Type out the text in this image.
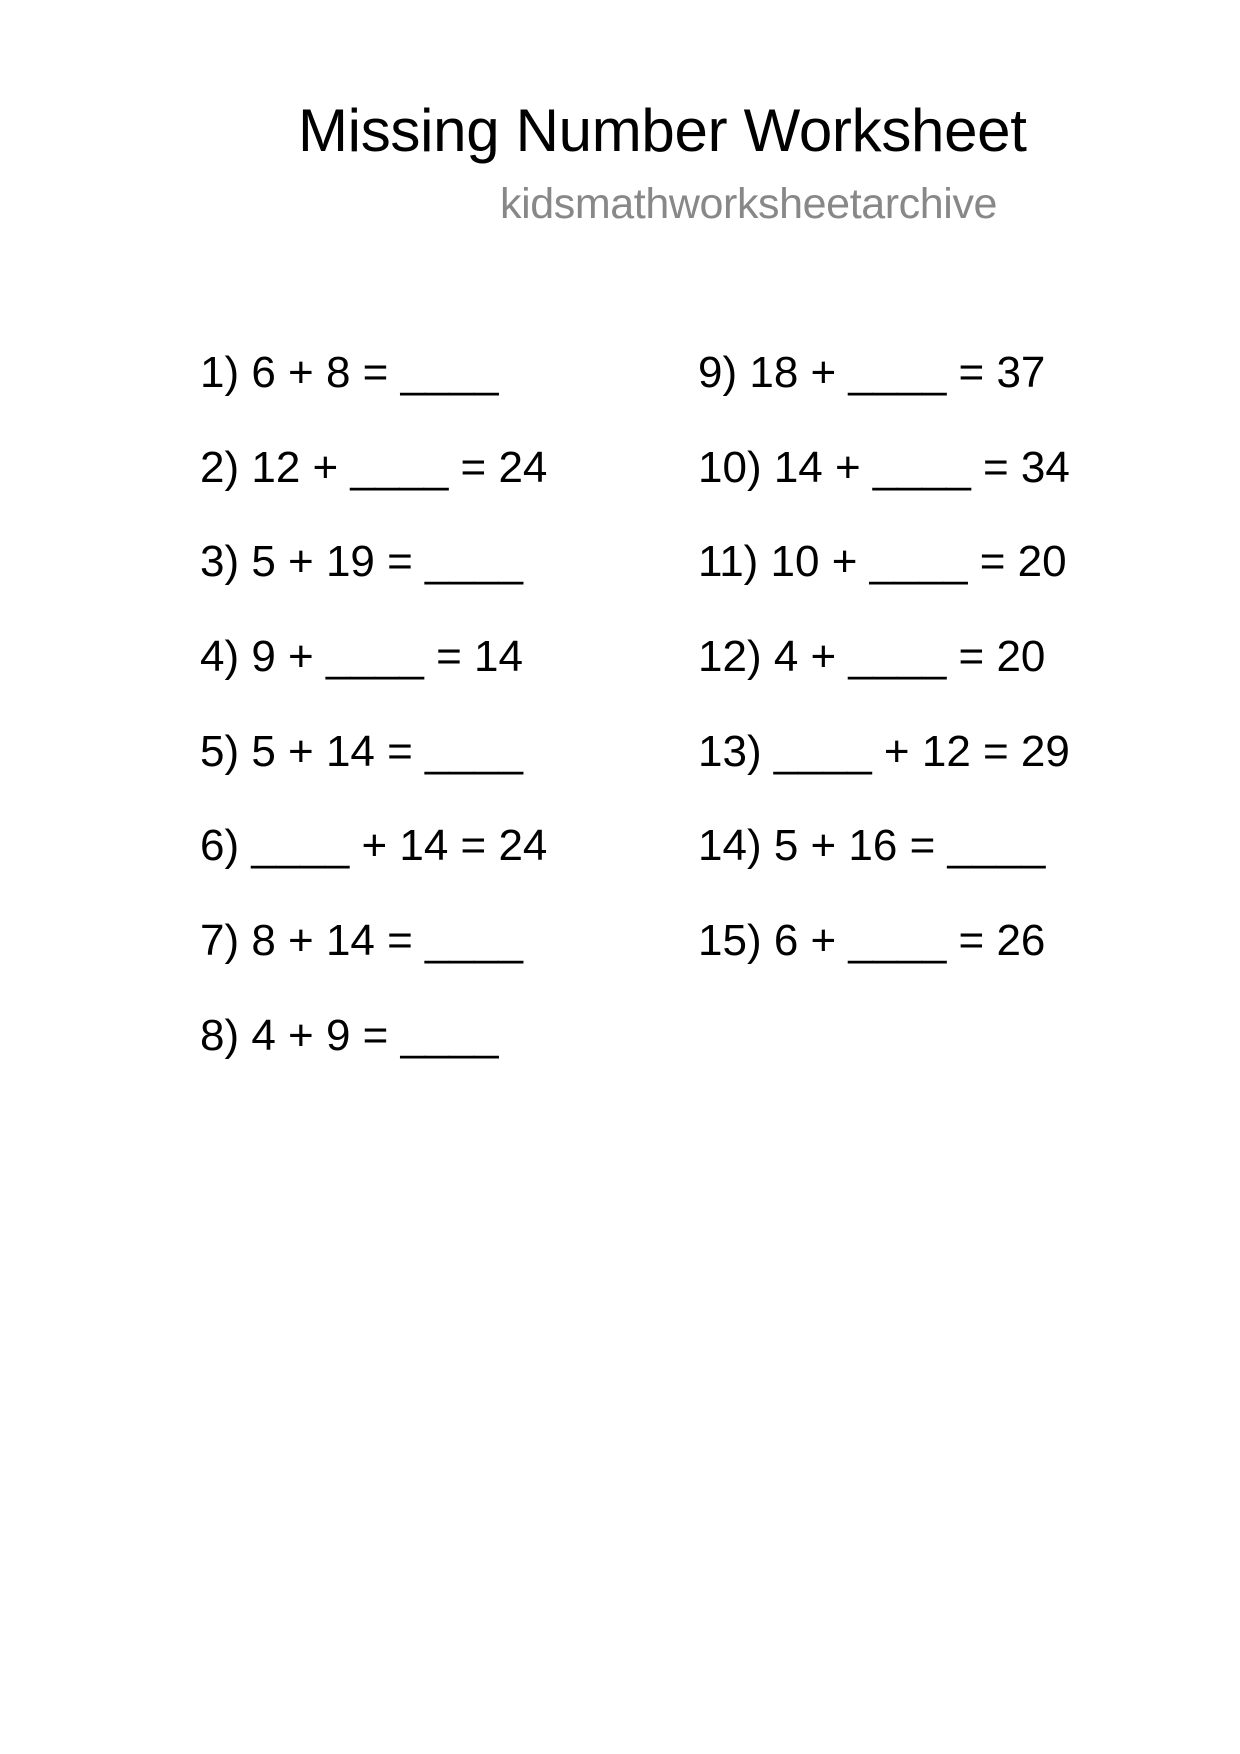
Missing Number Worksheet
kidsmathworksheetarchive
1) 6 + 8 = ____
2) 12 + ____ = 24
3) 5 + 19 = ____
4) 9 + ____ = 14
5) 5 + 14 = ____
6) ____ + 14 = 24
7) 8 + 14 = ____
8) 4 + 9 = ____
9) 18 + ____ = 37
10) 14 + ____ = 34
11) 10 + ____ = 20
12) 4 + ____ = 20
13) ____ + 12 = 29
14) 5 + 16 = ____
15) 6 + ____ = 26
